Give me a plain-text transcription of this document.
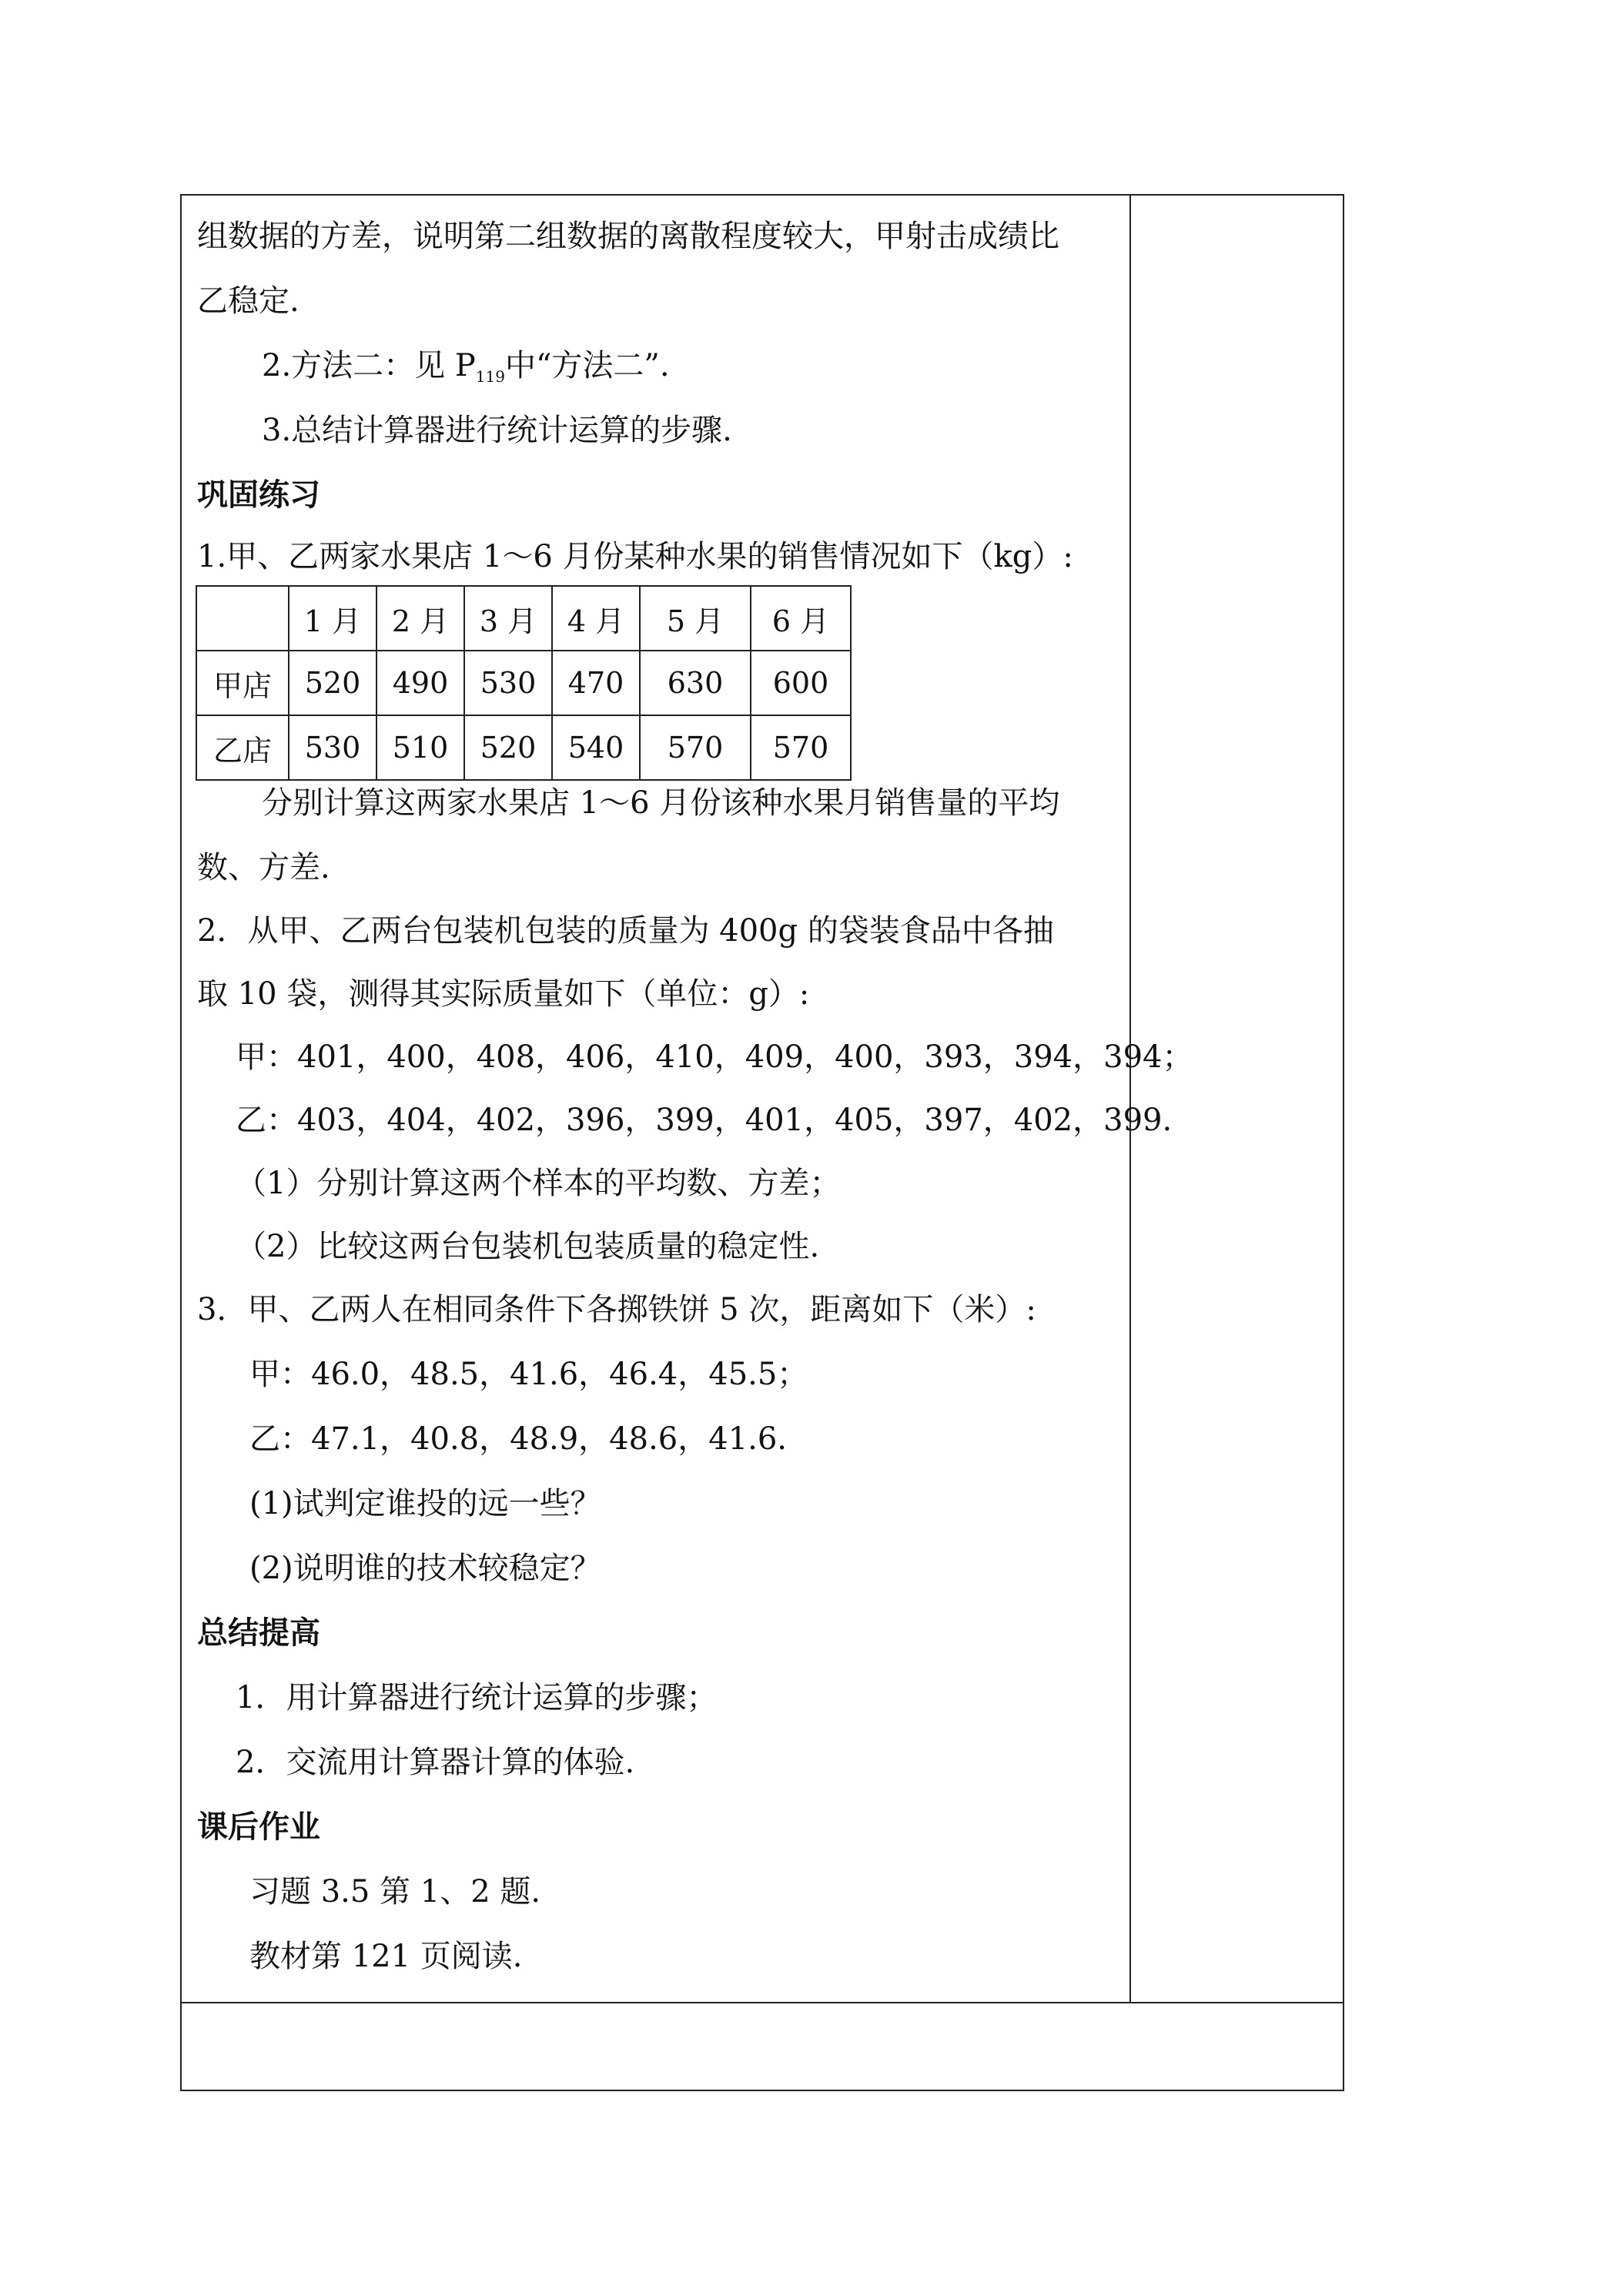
组数据的方差，说明第二组数据的离散程度较大，甲射击成绩比
乙稳定.
2.方法二：见 $P_{119}$中“方法二”.
3.总结计算器进行统计运算的步骤.
巩固练习
1.甲、乙两家水果店 1～6 月份某种水果的销售情况如下（kg）:
	1 月	2 月	3 月	4 月	5 月	6 月
甲店	520	490	530	470	630	600
乙店	530	510	520	540	570	570
分别计算这两家水果店 1～6 月份该种水果月销售量的平均
数、方差.
2．从甲、乙两台包装机包装的质量为 400g 的袋装食品中各抽
取 10 袋，测得其实际质量如下（单位：g）:
甲：401，400，408，406，410，409，400，393，394，394；
乙：403，404，402，396，399，401，405，397，402，399.
（1）分别计算这两个样本的平均数、方差；
（2）比较这两台包装机包装质量的稳定性.
3．甲、乙两人在相同条件下各掷铁饼 5 次，距离如下（米）:
甲：46.0，48.5，41.6，46.4，45.5；
乙：47.1，40.8，48.9，48.6，41.6.
(1)试判定谁投的远一些？
(2)说明谁的技术较稳定？
总结提高
1．用计算器进行统计运算的步骤；
2．交流用计算器计算的体验.
课后作业
习题 3.5 第 1、2 题.
教材第 121 页阅读.
